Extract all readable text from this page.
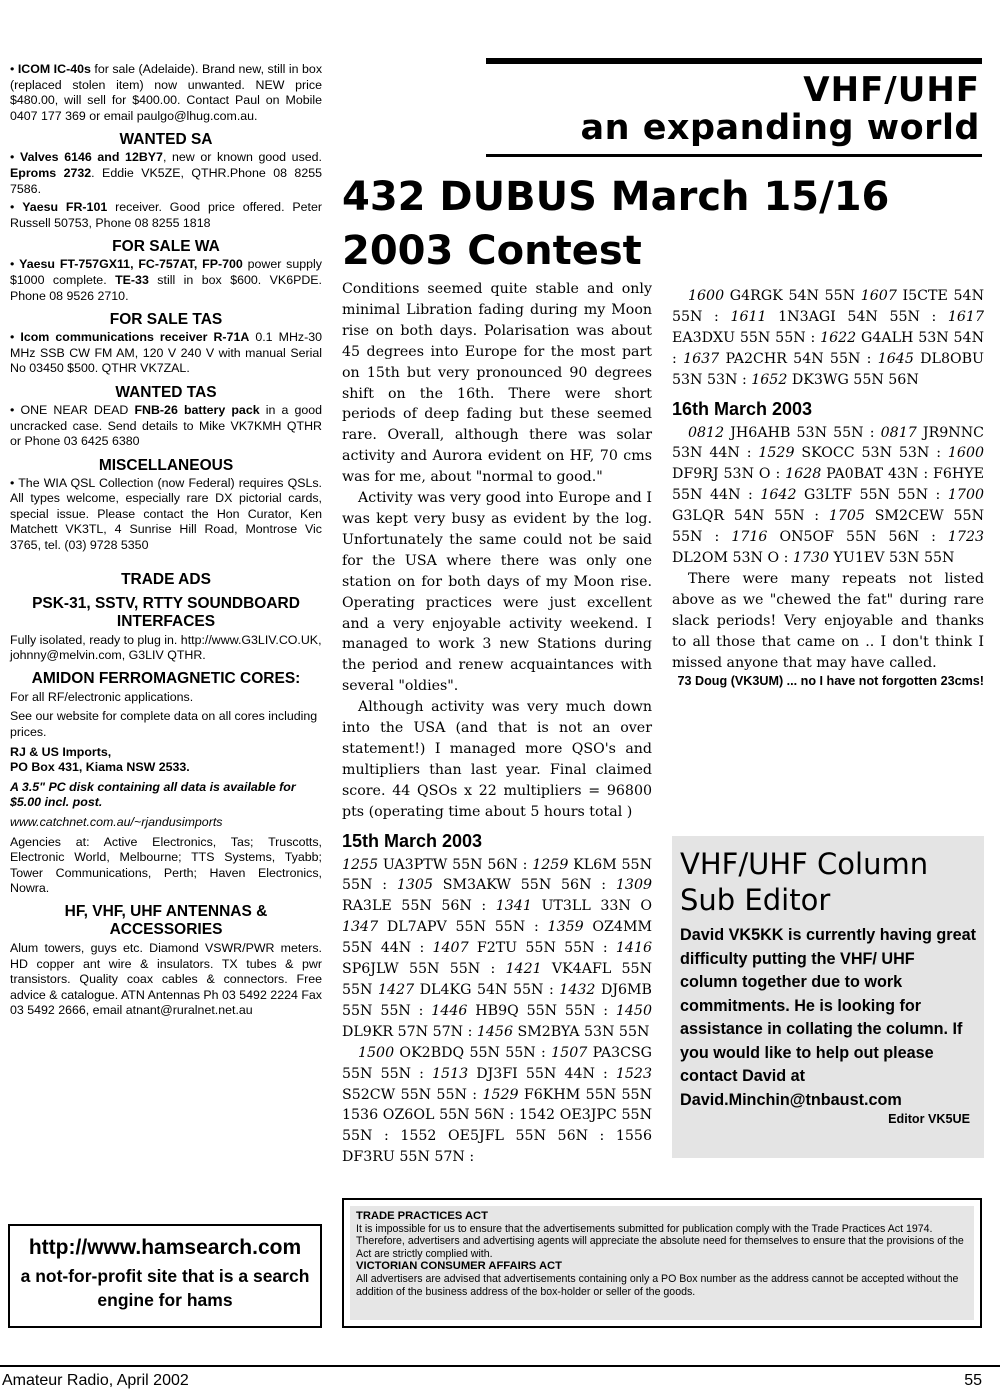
• ICOM IC-40s for sale (Adelaide). Brand new, still in box (replaced stolen item) now unwanted. NEW price $480.00, will sell for $400.00. Contact Paul on Mobile 0407 177 369 or email paulgo@lhug.com.au.

WANTED SA

• Valves 6146 and 12BY7, new or known good used. Eproms 2732. Eddie VK5ZE, QTHR.Phone 08 8255 7586.

• Yaesu FR-101 receiver. Good price offered. Peter Russell 50753, Phone 08 8255 1818

FOR SALE WA

• Yaesu FT-757GX11, FC-757AT, FP-700 power supply $1000 complete. TE-33 still in box $600. VK6PDE. Phone 08 9526 2710.

FOR SALE TAS

• Icom communications receiver R-71A 0.1 MHz-30 MHz SSB CW FM AM, 120 V 240 V with manual Serial No 03450 $500. QTHR VK7ZAL.

WANTED TAS

• ONE NEAR DEAD FNB-26 battery pack in a good uncracked case. Send details to Mike VK7KMH QTHR or Phone 03 6425 6380

MISCELLANEOUS

• The WIA QSL Collection (now Federal) requires QSLs. All types welcome, especially rare DX pictorial cards, special issue. Please contact the Hon Curator, Ken Matchett VK3TL, 4 Sunrise Hill Road, Montrose Vic 3765, tel. (03) 9728 5350

TRADE ADS
PSK-31, SSTV, RTTY SOUNDBOARD INTERFACES

Fully isolated, ready to plug in. http://www.G3LIV.CO.UK, johnny@melvin.com, G3LIV QTHR.

AMIDON FERROMAGNETIC CORES:

For all RF/electronic applications.

See our website for complete data on all cores including prices.

RJ & US Imports,

PO Box 431, Kiama NSW 2533.

A 3.5" PC disk containing all data is available for $5.00 incl. post.

www.catchnet.com.au/~rjandusimports

Agencies at: Active Electronics, Tas; Truscotts, Electronic World, Melbourne; TTS Systems, Tyabb; Tower Communications, Perth; Haven Electronics, Nowra.

HF, VHF, UHF ANTENNAS & ACCESSORIES

Alum towers, guys etc. Diamond VSWR/PWR meters. HD copper ant wire & insulators. TX tubes & pwr transistors. Quality coax cables & connectors. Free advice & catalogue. ATN Antennas Ph 03 5492 2224 Fax 03 5492 2666, email atnant@ruralnet.net.au

http://www.hamsearch.com
a not-for-profit site that is a search engine for hams
VHF/UHF
an expanding world
432 DUBUS March 15/16 2003 Contest

Conditions seemed quite stable and only minimal Libration fading during my Moon rise on both days. Polarisation was about 45 degrees into Europe for the most part on 15th but very pronounced 90 degrees shift on the 16th. There were short periods of deep fading but these seemed rare. Overall, although there was solar activity and Aurora evident on HF, 70 cms was for me, about "normal to good."

Activity was very good into Europe and I was kept very busy as evident by the log. Unfortunately the same could not be said for the USA where there was only one station on for both days of my Moon rise. Operating practices were just excellent and a very enjoyable activity weekend. I managed to work 3 new Stations during the period and renew acquaintances with several "oldies".

Although activity was very much down into the USA (and that is not an over statement!) I managed more QSO's and multipliers than last year. Final claimed score. 44 QSOs x 22 multipliers = 96800 pts (operating time about 5 hours total )

15th March 2003

1255 UA3PTW 55N 56N : 1259 KL6M 55N 55N : 1305 SM3AKW 55N 56N : 1309 RA3LE 55N 56N : 1341 UT3LL 33N O 1347 DL7APV 55N 55N : 1359 OZ4MM 55N 44N : 1407 F2TU 55N 55N : 1416 SP6JLW 55N 55N : 1421 VK4AFL 55N 55N 1427 DL4KG 54N 55N : 1432 DJ6MB 55N 55N : 1446 HB9Q 55N 55N : 1450 DL9KR 57N 57N : 1456 SM2BYA 53N 55N

1500 OK2BDQ 55N 55N : 1507 PA3CSG 55N 55N : 1513 DJ3FI 55N 44N : 1523 S52CW 55N 55N : 1529 F6KHM 55N 55N 1536 OZ6OL 55N 56N : 1542 OE3JPC 55N 55N : 1552 OE5JFL 55N 56N : 1556 DF3RU 55N 57N :

1600 G4RGK 54N 55N 1607 I5CTE 54N 55N : 1611 1N3AGI 54N 55N : 1617 EA3DXU 55N 55N : 1622 G4ALH 53N 54N : 1637 PA2CHR 54N 55N : 1645 DL8OBU 53N 53N : 1652 DK3WG 55N 56N

16th March 2003

0812 JH6AHB 53N 55N : 0817 JR9NNC 53N 44N : 1529 SKOCC 53N 53N : 1600 DF9RJ 53N O : 1628 PA0BAT 43N : F6HYE 55N 44N : 1642 G3LTF 55N 55N : 1700 G3LQR 54N 55N : 1705 SM2CEW 55N 55N : 1716 ON5OF 55N 56N : 1723 DL2OM 53N O : 1730 YU1EV 53N 55N

There were many repeats not listed above as we "chewed the fat" during rare slack periods! Very enjoyable and thanks to all those that came on .. I don't think I missed anyone that may have called.

73 Doug (VK3UM) ... no I have not forgotten 23cms!
VHF/UHF Column Sub Editor
David VK5KK is currently having great difficulty putting the VHF/ UHF column together due to work commitments. He is looking for assistance in collating the column. If you would like to help out please contact David at David.Minchin@tnbaust.com
Editor VK5UE
TRADE PRACTICES ACT
It is impossible for us to ensure that the advertisements submitted for publication comply with the Trade Practices Act 1974. Therefore, advertisers and advertising agents will appreciate the absolute need for themselves to ensure that the provisions of the Act are strictly complied with.
VICTORIAN CONSUMER AFFAIRS ACT
All advertisers are advised that advertisements containing only a PO Box number as the address cannot be accepted without the addition of the business address of the box-holder or seller of the goods.
Amateur Radio, April 2002	55
